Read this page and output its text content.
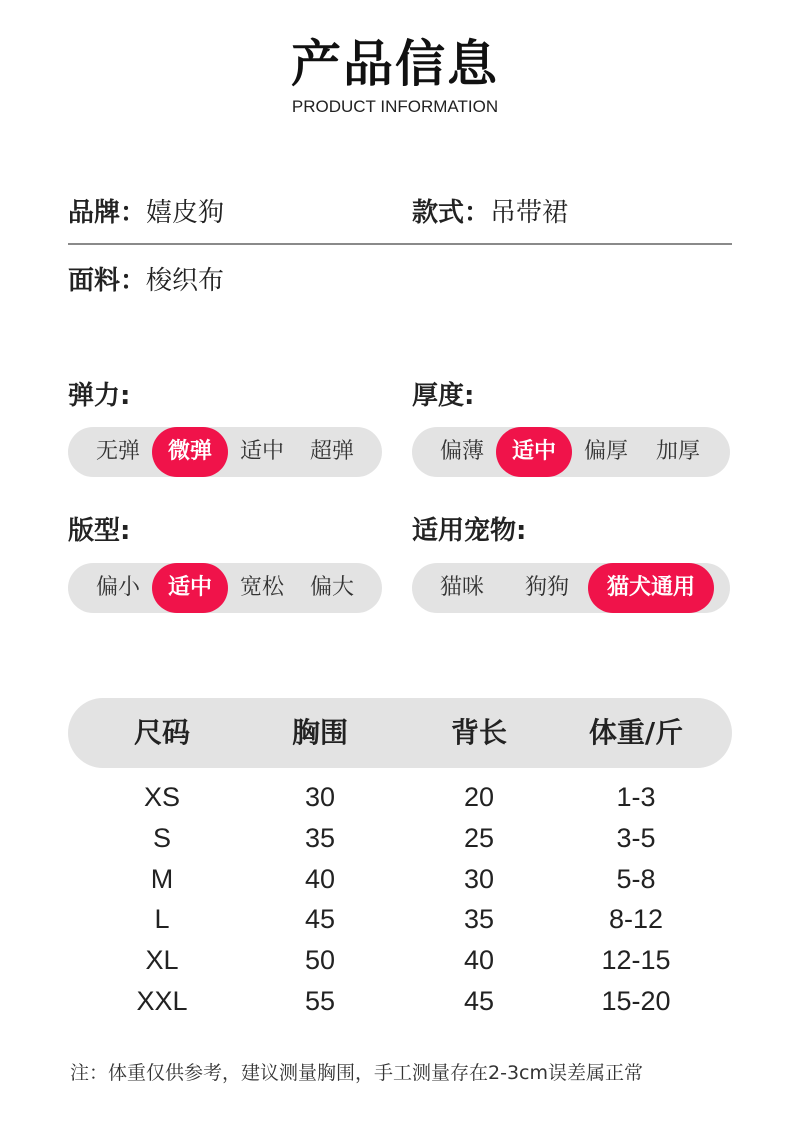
产品信息
PRODUCT INFORMATION
品牌：嬉皮狗	款式：吊带裙
面料：梭织布
弹力:
无弹	微弹	适中	超弹
厚度:
偏薄	适中	偏厚	加厚
版型:
偏小	适中	宽松	偏大
适用宠物:
猫咪	狗狗	猫犬通用
尺码	胸围	背长	体重/斤
XS	30	20	1-3
S	35	25	3-5
M	40	30	5-8
L	45	35	8-12
XL	50	40	12-15
XXL	55	45	15-20
注：体重仅供参考，建议测量胸围，手工测量存在2-3cm误差属正常
